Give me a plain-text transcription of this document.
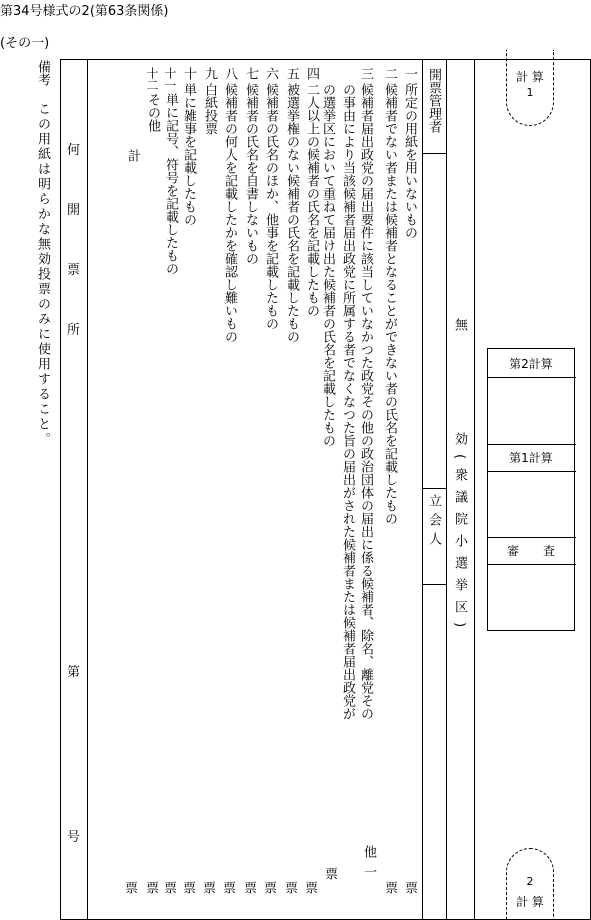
第34号様式の2(第63条関係)
(その一)
備考
この用紙は明らかな無効投票のみに使用すること。 何
開
票
所
第
号
一
所定の用紙を用いないもの
二
候補者でない者または候補者となることができない者の氏名を記載したもの
三
候補者届出政党の届出要件に該当していなかつた政党その他の政治団体の届出に係る候補者、除名、離党その
の事由により当該候補者届出政党に所属する者でなくなつた旨の届出がされた候補者または候補者届出政党が
の選挙区において重ねて届け出た候補者の氏名を記載したもの
四
二人以上の候補者の氏名を記載したもの
五
被選挙権のない候補者の氏名を記載したもの
六
候補者の氏名のほか、他事を記載したもの
七
候補者の氏名を自書しないもの
八
候補者の何人を記載したかを確認し難いもの
九
白紙投票
十
単に雑事を記載したもの
十一
単に記号、符号を記載したもの
十二
その他
計
他
一
票
票
票
票
票
票
票
票
票
票
票
票
票
開票管理者
立会人
無
効(衆議院小選挙区)
第2計算
第1計算
審　　査
計 算
1
2
計 算
